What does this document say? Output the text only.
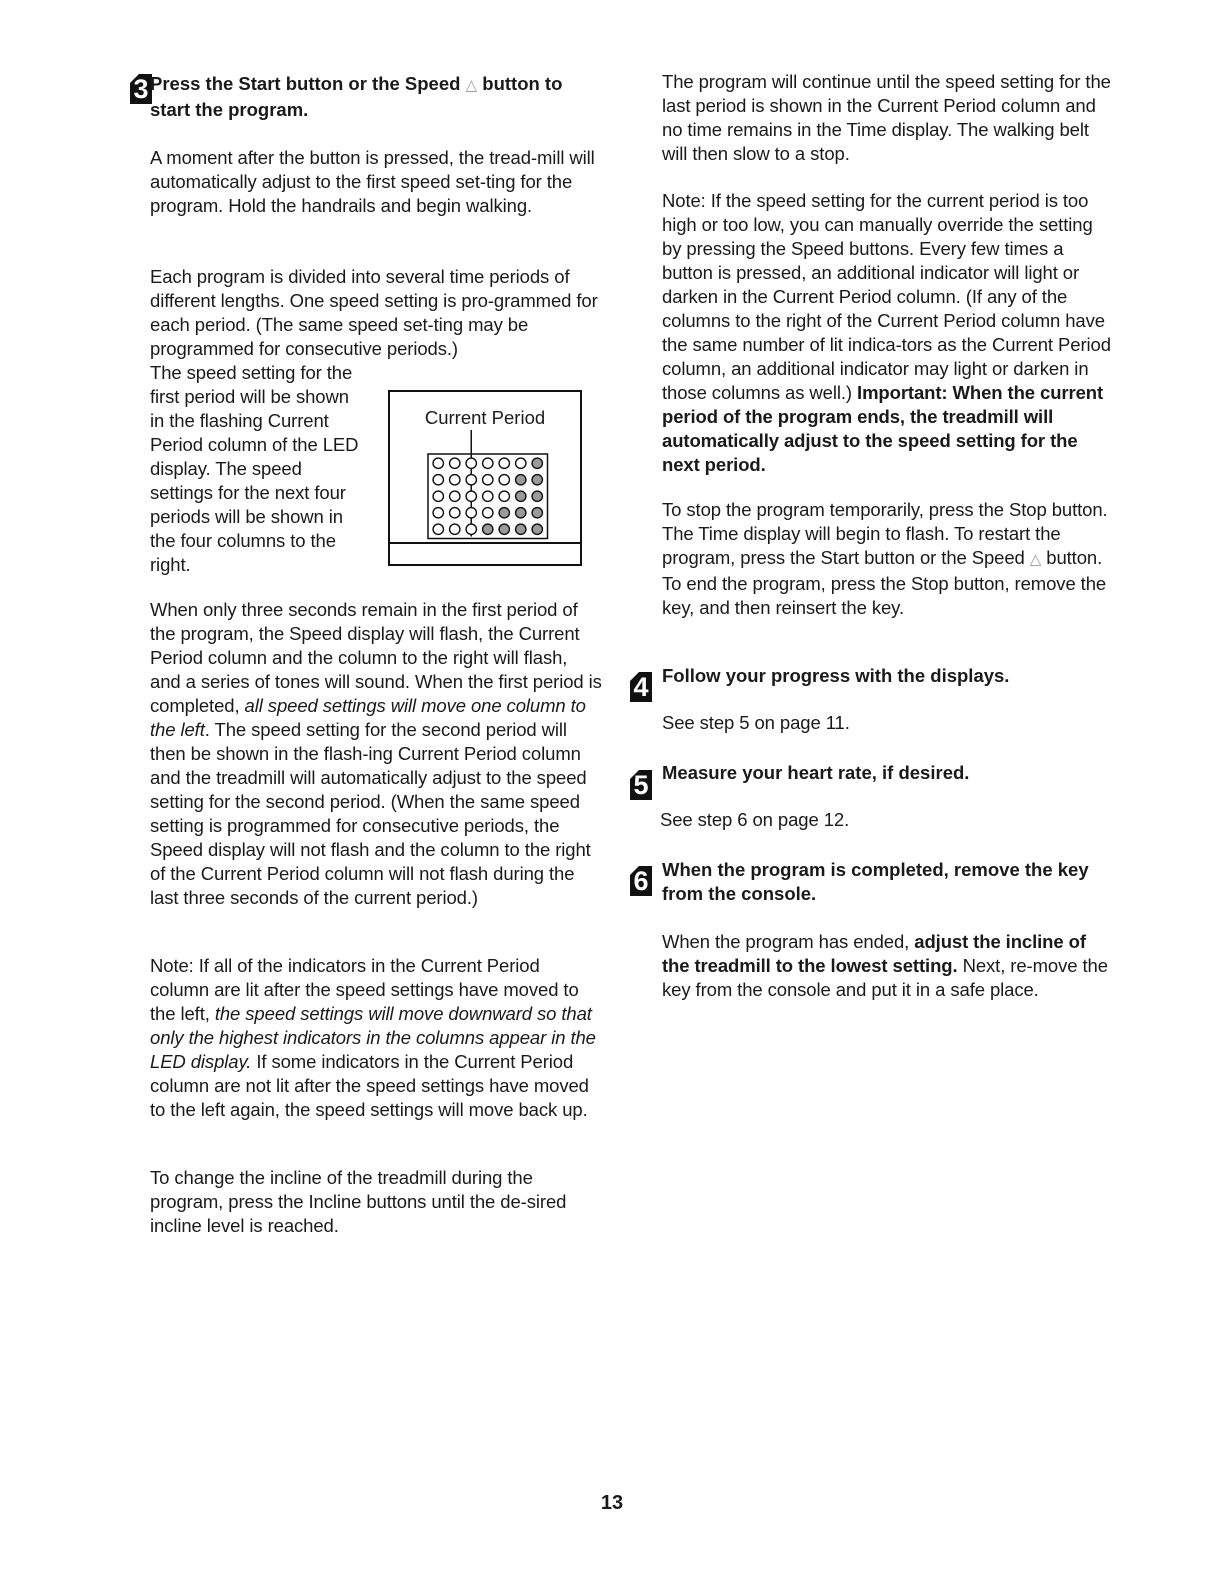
3 Press the Start button or the Speed △ button to start the program.

A moment after the button is pressed, the tread-mill will automatically adjust to the first speed set-ting for the program. Hold the handrails and begin walking.

Each program is divided into several time periods of different lengths. One speed setting is pro-grammed for each period. (The same speed set-ting may be programmed for consecutive periods.)

The speed setting for the first period will be shown in the flashing Current Period column of the LED display. The speed settings for the next four periods will be shown in the four columns to the right.

Current Period

When only three seconds remain in the first period of the program, the Speed display will flash, the Current Period column and the column to the right will flash, and a series of tones will sound. When the first period is completed, all speed settings will move one column to the left. The speed setting for the second period will then be shown in the flash-ing Current Period column and the treadmill will automatically adjust to the speed setting for the second period. (When the same speed setting is programmed for consecutive periods, the Speed display will not flash and the column to the right of the Current Period column will not flash during the last three seconds of the current period.)

Note: If all of the indicators in the Current Period column are lit after the speed settings have moved to the left, the speed settings will move downward so that only the highest indicators in the columns appear in the LED display. If some indicators in the Current Period column are not lit after the speed settings have moved to the left again, the speed settings will move back up.

To change the incline of the treadmill during the program, press the Incline buttons until the de-sired incline level is reached.

The program will continue until the speed setting for the last period is shown in the Current Period column and no time remains in the Time display. The walking belt will then slow to a stop.

Note: If the speed setting for the current period is too high or too low, you can manually override the setting by pressing the Speed buttons. Every few times a button is pressed, an additional indicator will light or darken in the Current Period column. (If any of the columns to the right of the Current Period column have the same number of lit indica-tors as the Current Period column, an additional indicator may light or darken in those columns as well.) Important: When the current period of the program ends, the treadmill will automatically adjust to the speed setting for the next period.

To stop the program temporarily, press the Stop button. The Time display will begin to flash. To restart the program, press the Start button or the Speed △ button. To end the program, press the Stop button, remove the key, and then reinsert the key.

4 Follow your progress with the displays.

See step 5 on page 11.

5 Measure your heart rate, if desired.

See step 6 on page 12.

6 When the program is completed, remove the key from the console.

When the program has ended, adjust the incline of the treadmill to the lowest setting. Next, re-move the key from the console and put it in a safe place.

13
